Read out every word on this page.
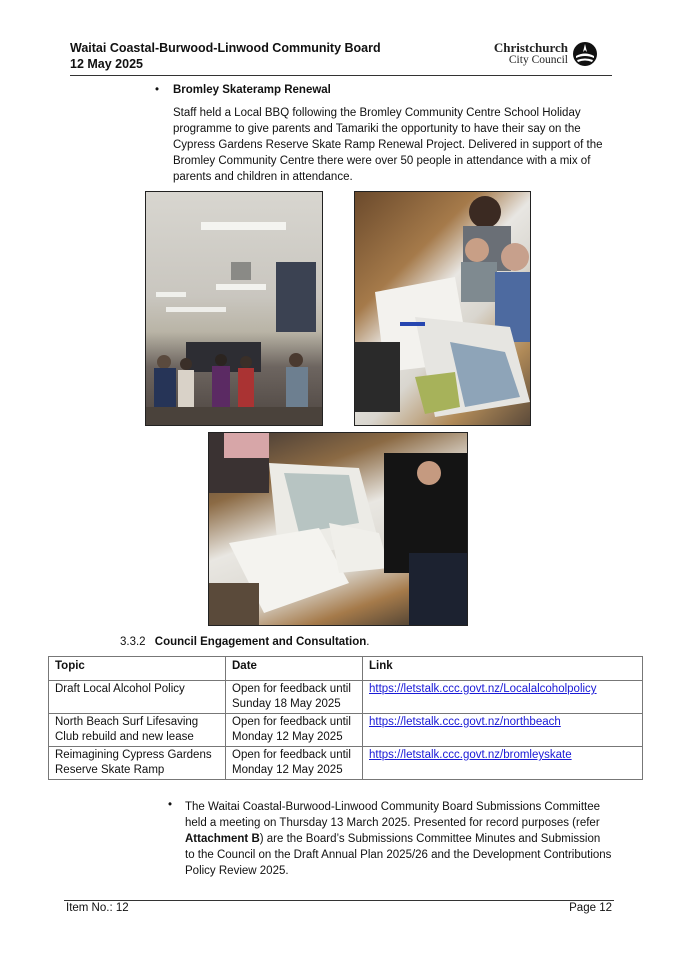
Waitai Coastal-Burwood-Linwood Community Board
12 May 2025
Christchurch
City Council
• Bromley Skateramp Renewal
Staff held a Local BBQ following the Bromley Community Centre School Holiday programme to give parents and Tamariki the opportunity to have their say on the Cypress Gardens Reserve Skate Ramp Renewal Project. Delivered in support of the Bromley Community Centre there were over 50 people in attendance with a mix of parents and children in attendance.
3.3.2 Council Engagement and Consultation.
Topic	Date	Link
Draft Local Alcohol Policy	Open for feedback until
Sunday 18 May 2025	https://letstalk.ccc.govt.nz/Localalcoholpolicy
North Beach Surf Lifesaving Club rebuild and new lease	Open for feedback until
Monday 12 May 2025	https://letstalk.ccc.govt.nz/northbeach
Reimagining Cypress Gardens Reserve Skate Ramp	Open for feedback until
Monday 12 May 2025	https://letstalk.ccc.govt.nz/bromleyskate
• The Waitai Coastal-Burwood-Linwood Community Board Submissions Committee held a meeting on Thursday 13 March 2025. Presented for record purposes (refer Attachment B) are the Board’s Submissions Committee Minutes and Submission to the Council on the Draft Annual Plan 2025/26 and the Development Contributions Policy Review 2025.
Item No.: 12	Page 12
